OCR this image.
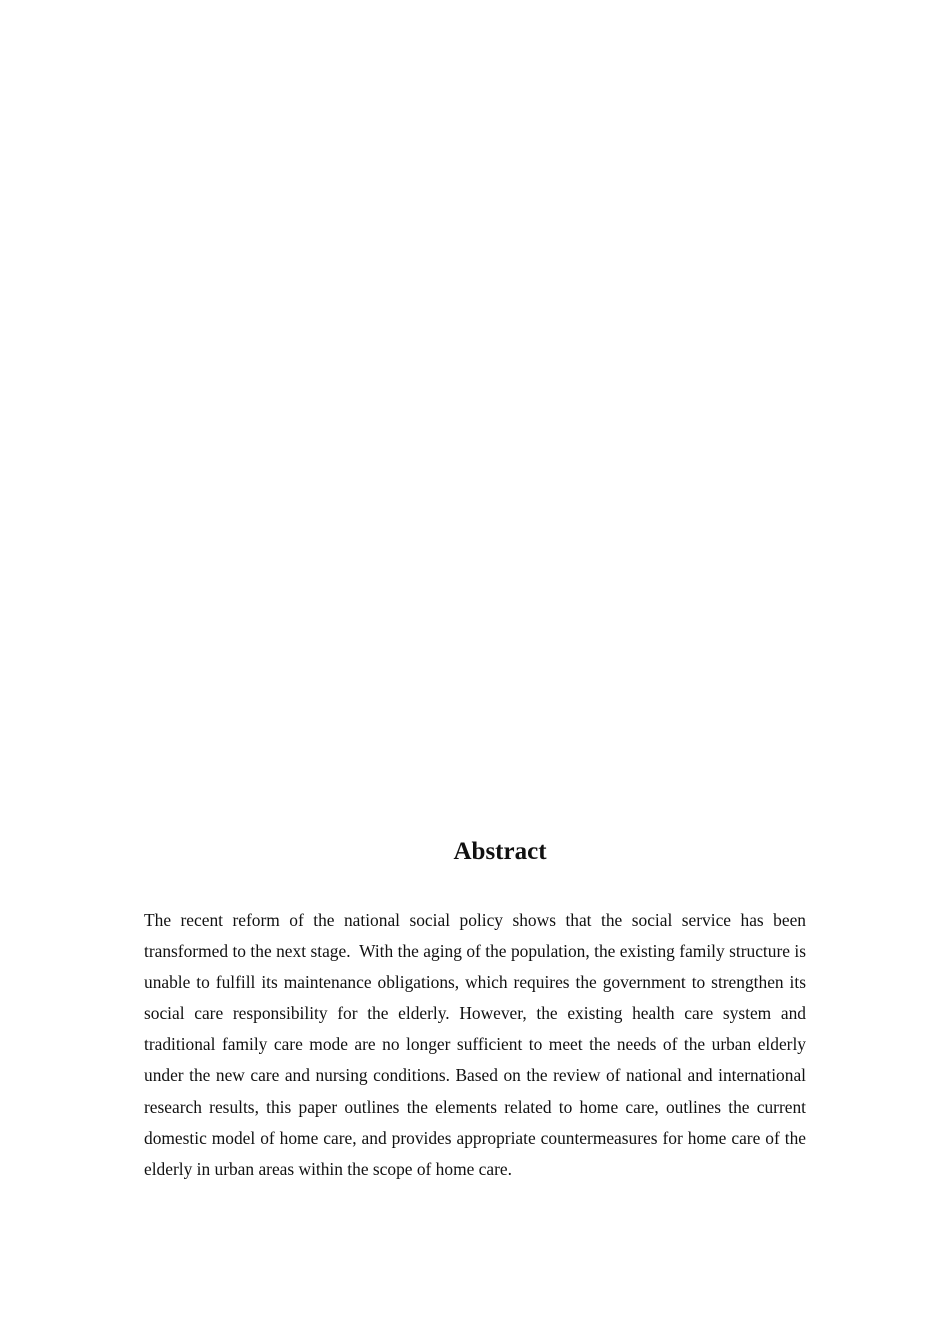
Abstract

The recent reform of the national social policy shows that the social service has been transformed to the next stage.  With the aging of the population, the existing family structure is unable to fulfill its maintenance obligations, which requires the government to strengthen its social care responsibility for the elderly. However, the existing health care system and traditional family care mode are no longer sufficient to meet the needs of the urban elderly under the new care and nursing conditions. Based on the review of national and international research results, this paper outlines the elements related to home care, outlines the current domestic model of home care, and provides appropriate countermeasures for home care of the elderly in urban areas within the scope of home care.
